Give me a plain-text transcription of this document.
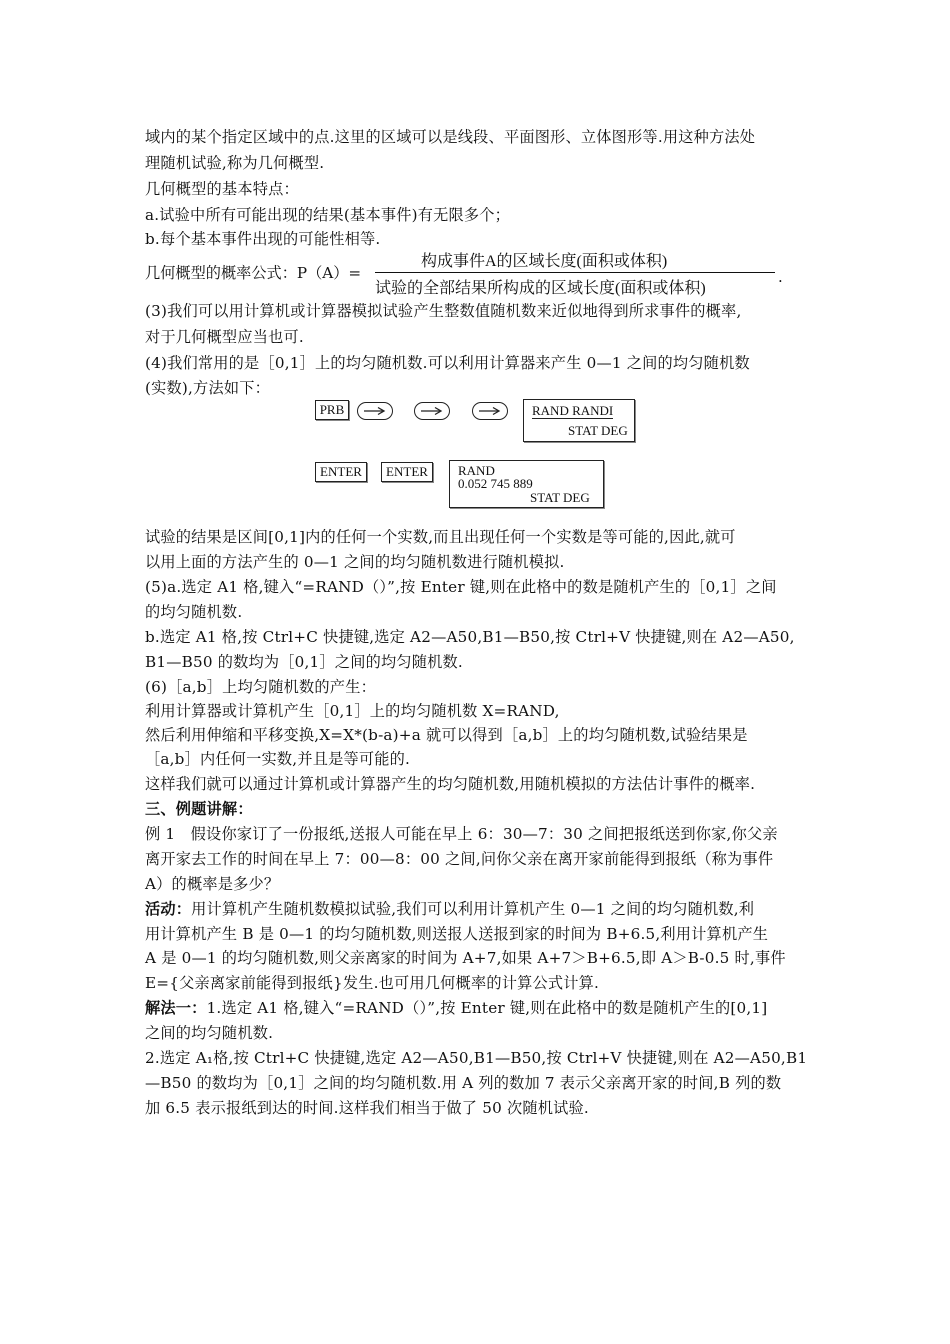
域内的某个指定区域中的点.这里的区域可以是线段、平面图形、立体图形等.用这种方法处
理随机试验,称为几何概型.
几何概型的基本特点：
a.试验中所有可能出现的结果(基本事件)有无限多个；
b.每个基本事件出现的可能性相等.
几何概型的概率公式：P（A）=
构成事件A的区域长度(面积或体积)
试验的全部结果所构成的区域长度(面积或体积)
.
(3)我们可以用计算机或计算器模拟试验产生整数值随机数来近似地得到所求事件的概率,
对于几何概型应当也可.
(4)我们常用的是［0,1］上的均匀随机数.可以利用计算器来产生 0—1 之间的均匀随机数
(实数),方法如下：
PRB	RAND RANDI
STAT DEG
ENTER	ENTER	RAND
0.052 745 889
STAT DEG
试验的结果是区间[0,1]内的任何一个实数,而且出现任何一个实数是等可能的,因此,就可
以用上面的方法产生的 0—1 之间的均匀随机数进行随机模拟.
(5)a.选定 A1 格,键入“=RAND（）”,按 Enter 键,则在此格中的数是随机产生的［0,1］之间
的均匀随机数.
b.选定 A1 格,按 Ctrl+C 快捷键,选定 A2—A50,B1—B50,按 Ctrl+V 快捷键,则在 A2—A50,
B1—B50 的数均为［0,1］之间的均匀随机数.
(6)［a,b］上均匀随机数的产生：
利用计算器或计算机产生［0,1］上的均匀随机数 X=RAND,
然后利用伸缩和平移变换,X=X*(b-a)+a 就可以得到［a,b］上的均匀随机数,试验结果是
［a,b］内任何一实数,并且是等可能的.
这样我们就可以通过计算机或计算器产生的均匀随机数,用随机模拟的方法估计事件的概率.
三、例题讲解：
例 1　假设你家订了一份报纸,送报人可能在早上 6：30—7：30 之间把报纸送到你家,你父亲
离开家去工作的时间在早上 7：00—8：00 之间,问你父亲在离开家前能得到报纸（称为事件
A）的概率是多少？
活动：用计算机产生随机数模拟试验,我们可以利用计算机产生 0—1 之间的均匀随机数,利
用计算机产生 B 是 0—1 的均匀随机数,则送报人送报到家的时间为 B+6.5,利用计算机产生
A 是 0—1 的均匀随机数,则父亲离家的时间为 A+7,如果 A+7＞B+6.5,即 A＞B-0.5 时,事件
E={父亲离家前能得到报纸}发生.也可用几何概率的计算公式计算.
解法一：1.选定 A1 格,键入“=RAND（）”,按 Enter 键,则在此格中的数是随机产生的[0,1]
之间的均匀随机数.
2.选定 A₁格,按 Ctrl+C 快捷键,选定 A2—A50,B1—B50,按 Ctrl+V 快捷键,则在 A2—A50,B1
—B50 的数均为［0,1］之间的均匀随机数.用 A 列的数加 7 表示父亲离开家的时间,B 列的数
加 6.5 表示报纸到达的时间.这样我们相当于做了 50 次随机试验.
